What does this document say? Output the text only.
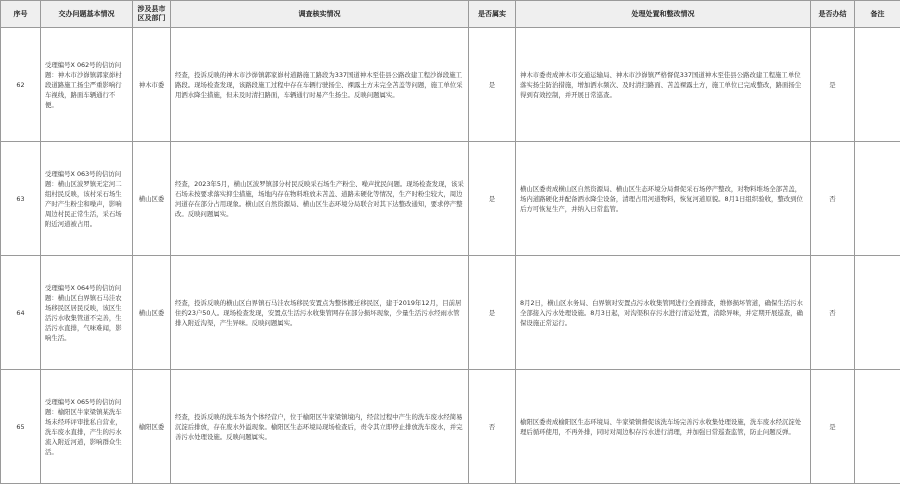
序号	交办问题基本情况	涉及县市区及部门	调查核实情况	是否属实	处理处置和整改情况	是否办结	备注
62	受理编号X 062号的信访问题：神木市沙峁镇郭家峁村段道路施工扬尘严重影响行车视线，路面车辆通行不便。	神木市委	经查，投诉反映的神木市沙峁镇郭家峁村道路施工路段为337国道神木至佳县公路改建工程沙峁段施工路段。现场检查发现，该路段施工过程中存在车辆行驶扬尘、裸露土方未完全苫盖等问题，施工单位采用洒水降尘措施，但未及时清扫路面，车辆通行时易产生扬尘。反映问题属实。	是	神木市委责成神木市交通运输局、神木市沙峁镇严格督促337国道神木至佳县公路改建工程施工单位落实扬尘防治措施，增加洒水频次、及时清扫路面、苫盖裸露土方，施工单位已完成整改，路面扬尘得到有效控制，并开展日常巡查。	是	
63	受理编号X 063号的信访问题：横山区波罗镇无定河二组村民反映，该村采石场生产时产生粉尘和噪声，影响周边村民正常生活，采石场附近河道被占用。	横山区委	经查，2023年5月，横山区波罗镇部分村民反映采石场生产粉尘、噪声扰民问题。现场检查发现，该采石场未按要求落实抑尘措施，场地内存在物料堆放未苫盖、道路未硬化等情况，生产时粉尘较大，周边河道存在部分占用现象。横山区自然资源局、横山区生态环境分局联合对其下达整改通知，要求停产整改。反映问题属实。	是	横山区委责成横山区自然资源局、横山区生态环境分局督促采石场停产整改，对物料堆场全部苫盖，场内道路硬化并配备洒水降尘设备，清理占用河道物料，恢复河道原貌。8月1日组织验收，整改到位后方可恢复生产，并纳入日常监管。	否	
64	受理编号X 064号的信访问题：横山区白界镇石马洼农场移民区居民反映，该区生活污水收集管道不完善，生活污水直排，气味难闻，影响生活。	横山区委	经查，投诉反映的横山区白界镇石马洼农场移民安置点为整体搬迁移民区，建于2019年12月，目前居住约23户50人。现场检查发现，安置点生活污水收集管网存在部分损坏现象，少量生活污水经雨水管排入附近沟渠，产生异味。反映问题属实。	是	8月2日，横山区水务局、白界镇对安置点污水收集管网进行全面排查，维修损坏管道，确保生活污水全部接入污水处理设施。8月3日起，对沟渠积存污水进行清运处置，消除异味，并定期开展巡查，确保设施正常运行。	否	
65	受理编号X 065号的信访问题：榆阳区牛家梁镇某洗车场未经环评审批私自营业，洗车废水直排，产生的污水流入附近河道，影响群众生活。	榆阳区委	经查，投诉反映的洗车场为个体经营户，位于榆阳区牛家梁镇境内，经营过程中产生的洗车废水经简易沉淀后排放，存在废水外溢现象。榆阳区生态环境局现场检查后，责令其立即停止排放洗车废水，并完善污水处理设施。反映问题属实。	否	榆阳区委责成榆阳区生态环境局、牛家梁镇督促该洗车场完善污水收集处理设施，洗车废水经沉淀处理后循环使用，不再外排，同时对周边积存污水进行清理，并加强日常巡查监管，防止问题反弹。	是	
